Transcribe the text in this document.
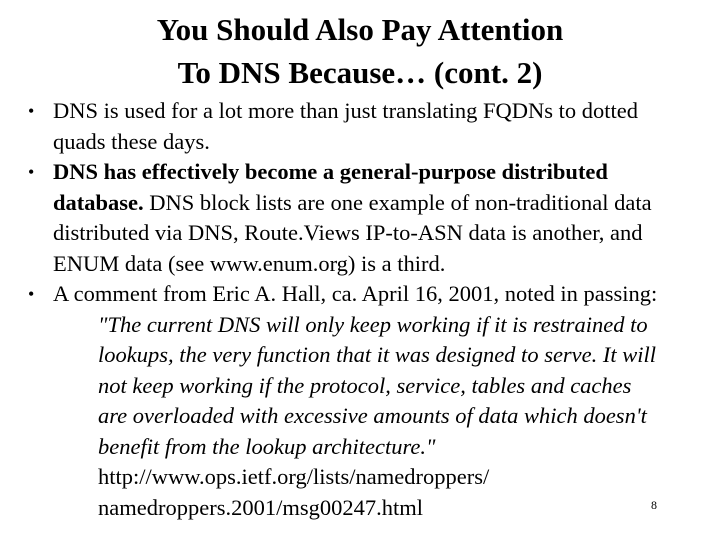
You Should Also Pay Attention
To DNS Because… (cont. 2)
• DNS is used for a lot more than just translating FQDNs to dotted
quads these days.
• DNS has effectively become a general-purpose distributed
database. DNS block lists are one example of non-traditional data
distributed via DNS, Route.Views IP-to-ASN data is another, and
ENUM data (see www.enum.org) is a third.
• A comment from Eric A. Hall, ca. April 16, 2001, noted in passing:
"The current DNS will only keep working if it is restrained to
lookups, the very function that it was designed to serve. It will
not keep working if the protocol, service, tables and caches
are overloaded with excessive amounts of data which doesn't
benefit from the lookup architecture."
http://www.ops.ietf.org/lists/namedroppers/
namedroppers.2001/msg00247.html	8
